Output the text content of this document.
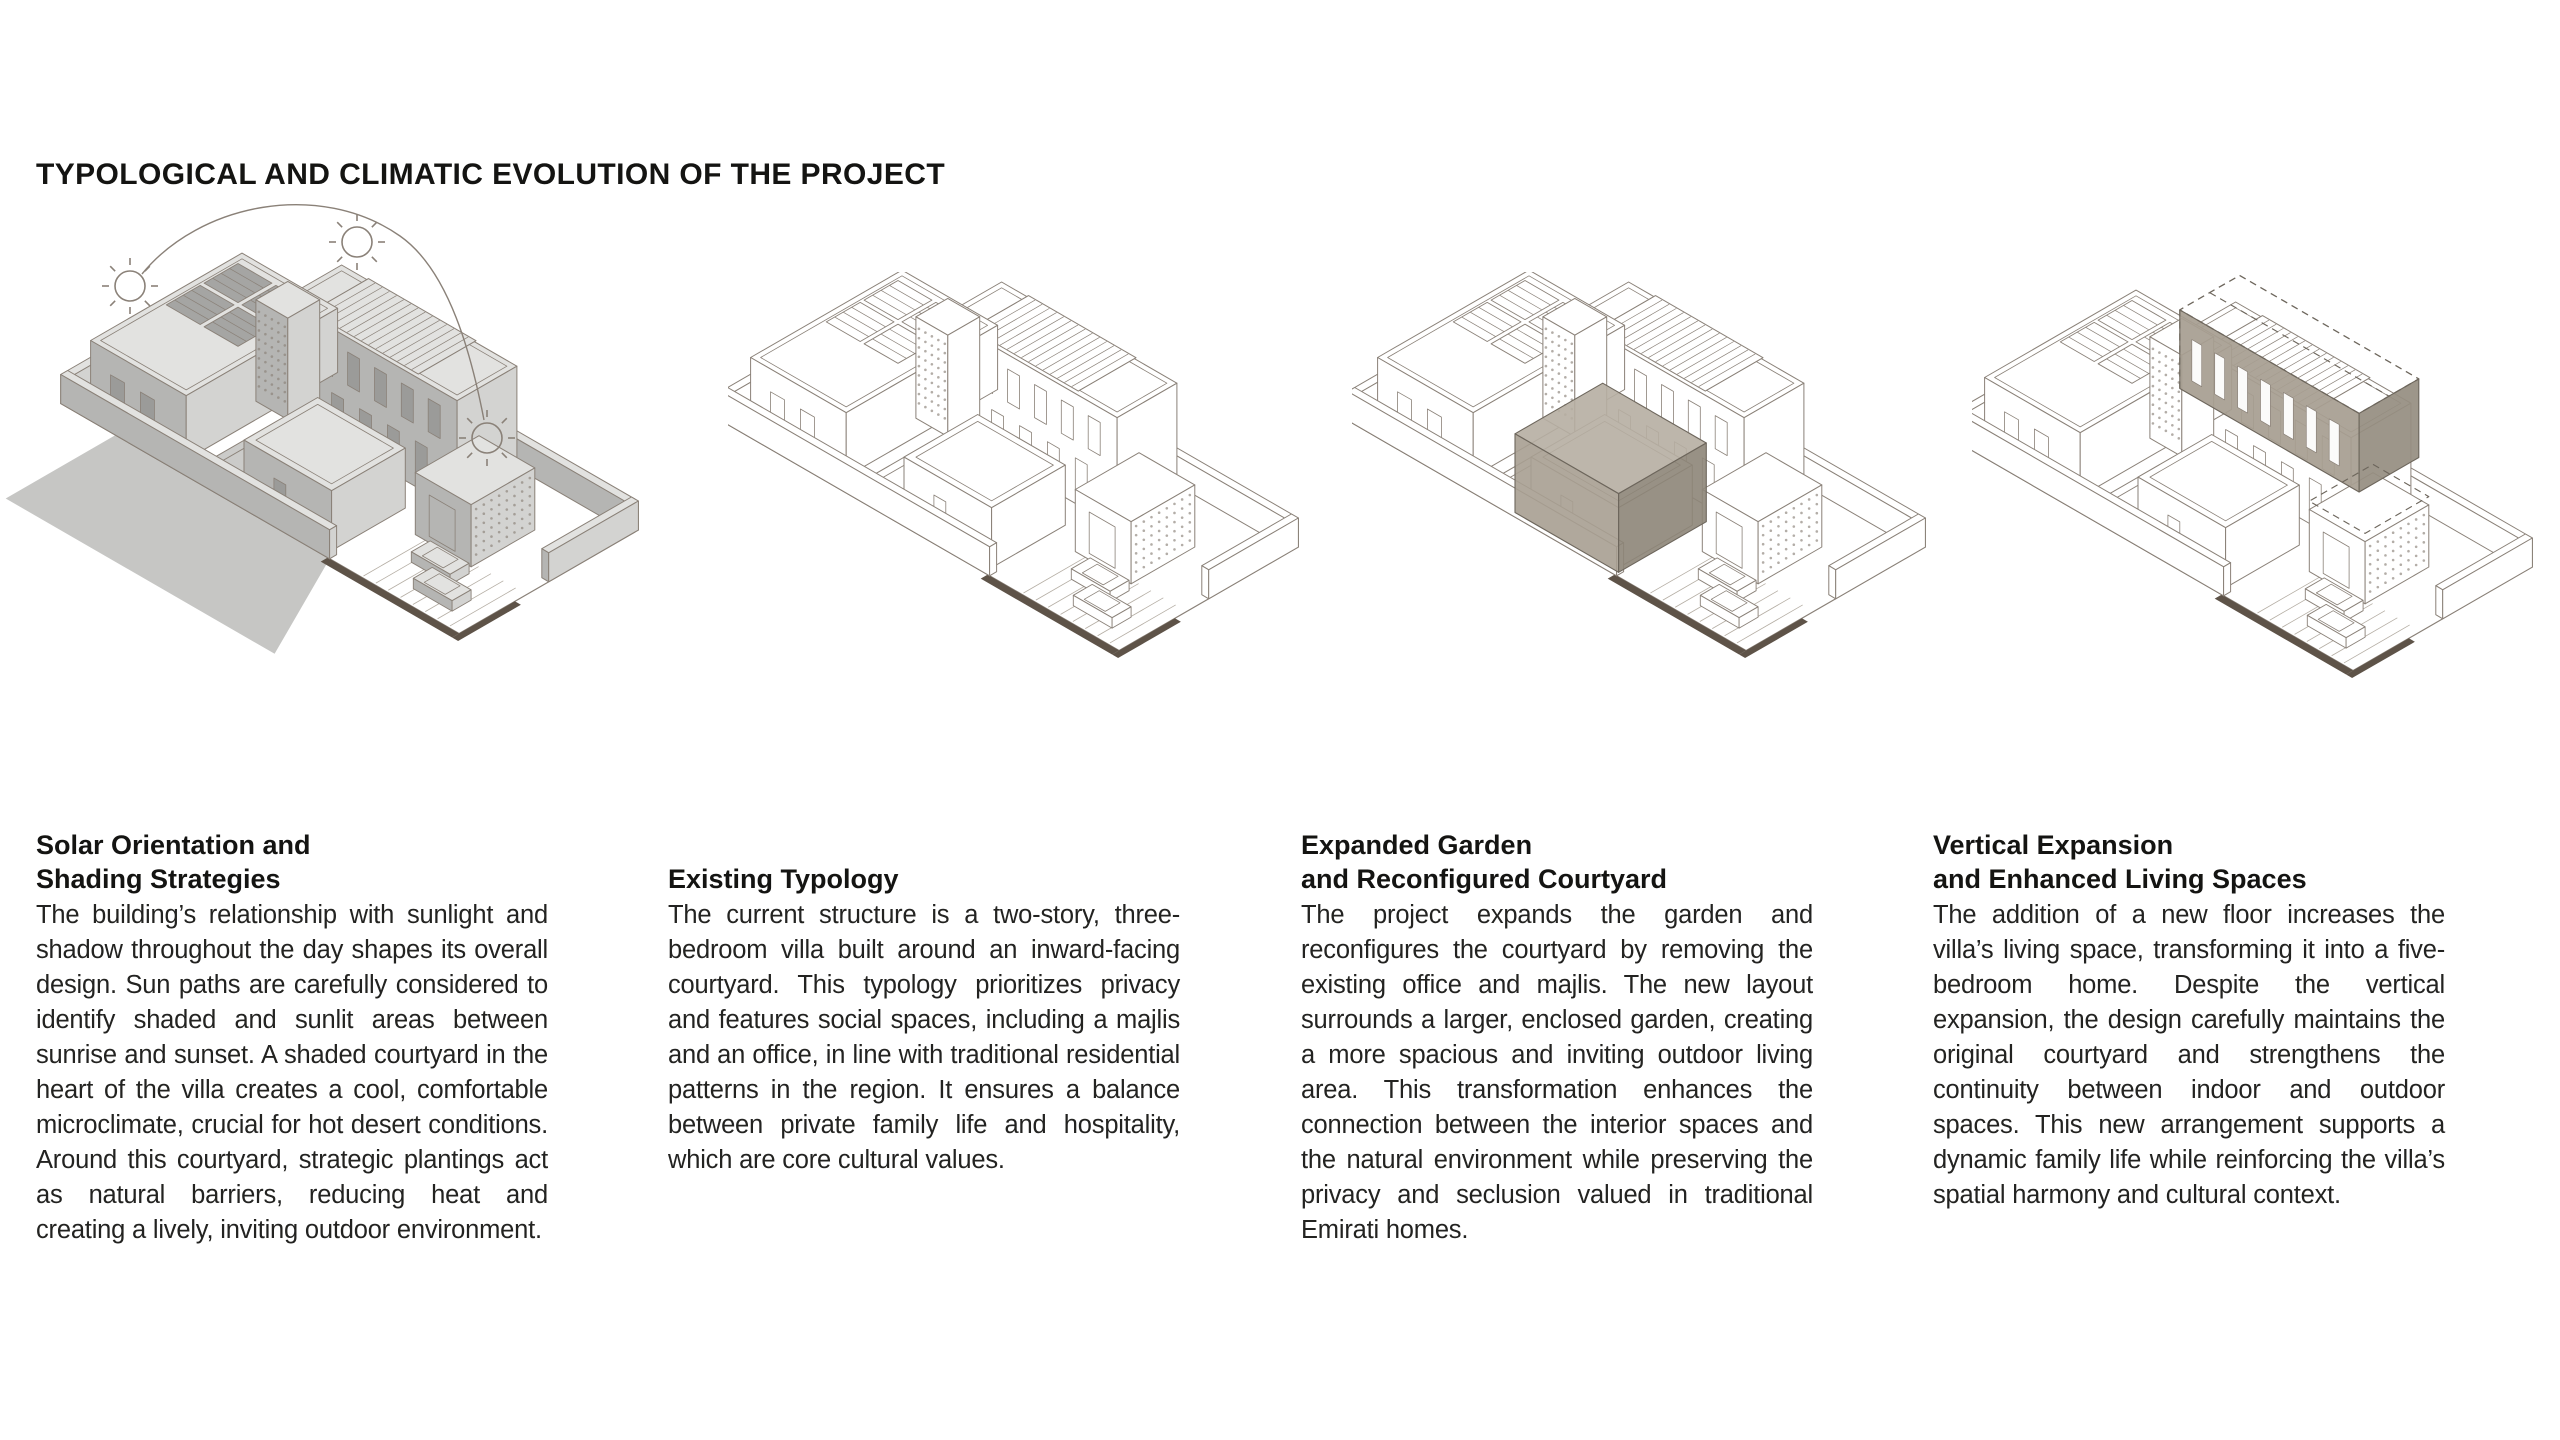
TYPOLOGICAL AND CLIMATIC EVOLUTION OF THE PROJECT
Solar Orientation and
Shading Strategies

The building’s relationship with sunlight and shadow throughout the day shapes its overall design. Sun paths are carefully considered to identify shaded and sunlit areas between sunrise and sunset. A shaded courtyard in the heart of the villa creates a cool, comfortable microclimate, crucial for hot desert conditions. Around this courtyard, strategic plantings act as natural barriers, reducing heat and creating a lively, inviting outdoor environment.

Existing Typology

The current structure is a two-story, three-bedroom villa built around an inward-facing courtyard. This typology prioritizes privacy and features social spaces, including a majlis and an office, in line with traditional residential patterns in the region. It ensures a balance between private family life and hospitality, which are core cultural values.

Expanded Garden
and Reconfigured Courtyard

The project expands the garden and reconfigures the courtyard by removing the existing office and majlis. The new layout surrounds a larger, enclosed garden, creating a more spacious and inviting outdoor living area. This transformation enhances the connection between the interior spaces and the natural environment while preserving the privacy and seclusion valued in traditional Emirati homes.

Vertical Expansion
and Enhanced Living Spaces

The addition of a new floor increases the villa’s living space, transforming it into a five-bedroom home. Despite the vertical expansion, the design carefully maintains the original courtyard and strengthens the continuity between indoor and outdoor spaces. This new arrangement supports a dynamic family life while reinforcing the villa’s spatial harmony and cultural context.
